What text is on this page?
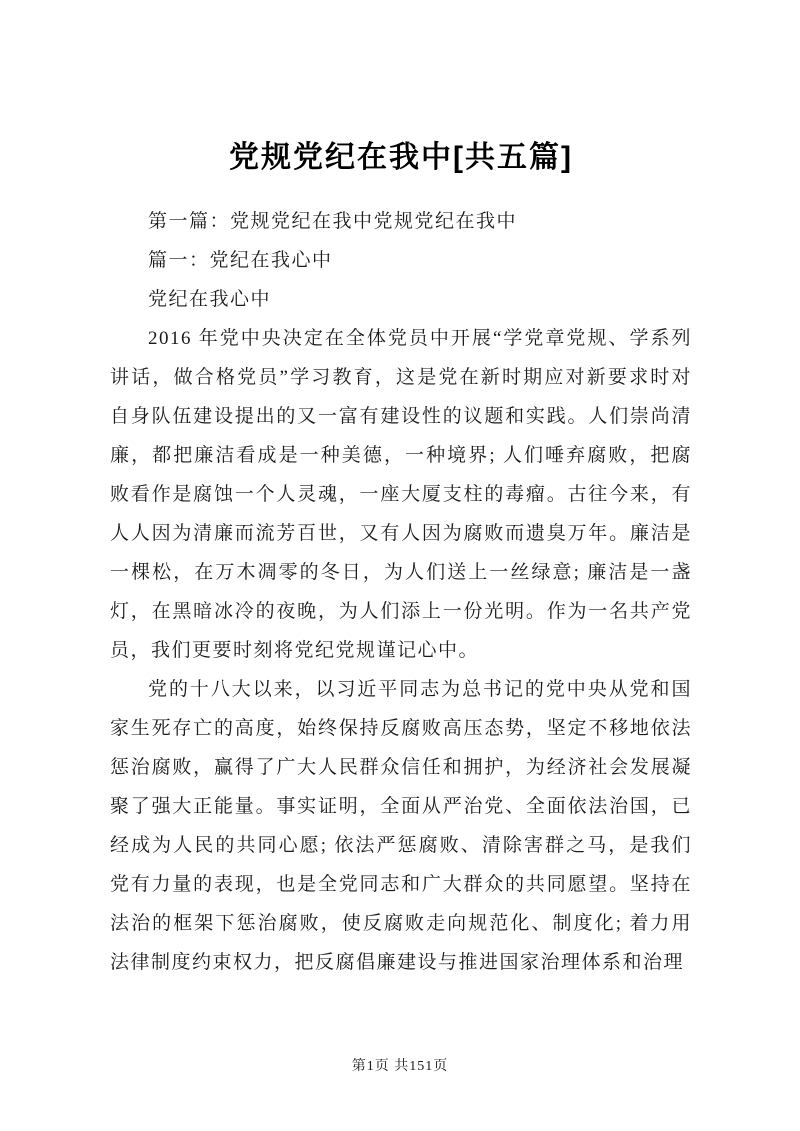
党规党纪在我中[共五篇]

第一篇：党规党纪在我中党规党纪在我中

篇一：党纪在我心中

党纪在我心中

2016 年党中央决定在全体党员中开展“学党章党规、学系列讲话，做合格党员”学习教育，这是党在新时期应对新要求时对自身队伍建设提出的又一富有建设性的议题和实践。人们崇尚清廉，都把廉洁看成是一种美德，一种境界; 人们唾弃腐败，把腐败看作是腐蚀一个人灵魂，一座大厦支柱的毒瘤。古往今来，有人人因为清廉而流芳百世，又有人因为腐败而遗臭万年。廉洁是一棵松，在万木凋零的冬日，为人们送上一丝绿意; 廉洁是一盏灯，在黑暗冰冷的夜晚，为人们添上一份光明。作为一名共产党员，我们更要时刻将党纪党规谨记心中。

党的十八大以来，以习近平同志为总书记的党中央从党和国家生死存亡的高度，始终保持反腐败高压态势，坚定不移地依法惩治腐败，赢得了广大人民群众信任和拥护，为经济社会发展凝聚了强大正能量。事实证明，全面从严治党、全面依法治国，已经成为人民的共同心愿; 依法严惩腐败、清除害群之马，是我们党有力量的表现，也是全党同志和广大群众的共同愿望。坚持在法治的框架下惩治腐败，使反腐败走向规范化、制度化; 着力用法律制度约束权力，把反腐倡廉建设与推进国家治理体系和治理

第1页 共151页
